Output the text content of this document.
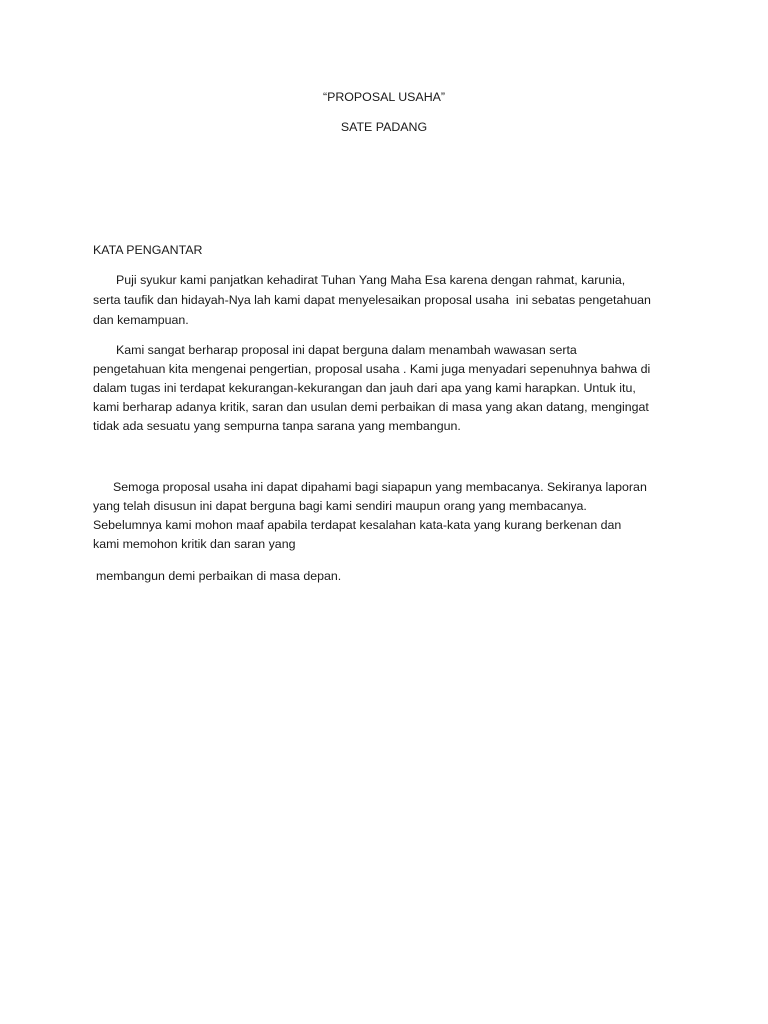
“PROPOSAL USAHA”
SATE PADANG
KATA PENGANTAR
Puji syukur kami panjatkan kehadirat Tuhan Yang Maha Esa karena dengan rahmat, karunia,
serta taufik dan hidayah-Nya lah kami dapat menyelesaikan proposal usaha  ini sebatas pengetahuan
dan kemampuan.
Kami sangat berharap proposal ini dapat berguna dalam menambah wawasan serta
pengetahuan kita mengenai pengertian, proposal usaha . Kami juga menyadari sepenuhnya bahwa di
dalam tugas ini terdapat kekurangan-kekurangan dan jauh dari apa yang kami harapkan. Untuk itu,
kami berharap adanya kritik, saran dan usulan demi perbaikan di masa yang akan datang, mengingat
tidak ada sesuatu yang sempurna tanpa sarana yang membangun.
Semoga proposal usaha ini dapat dipahami bagi siapapun yang membacanya. Sekiranya laporan
yang telah disusun ini dapat berguna bagi kami sendiri maupun orang yang membacanya.
Sebelumnya kami mohon maaf apabila terdapat kesalahan kata-kata yang kurang berkenan dan
kami memohon kritik dan saran yang
membangun demi perbaikan di masa depan.
